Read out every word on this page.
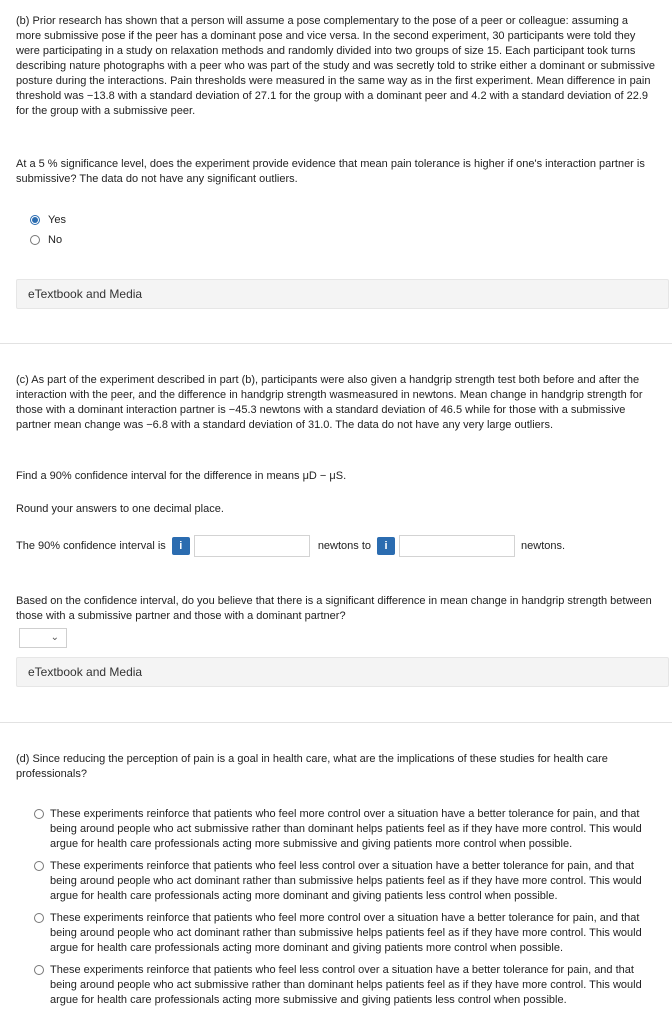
(b) Prior research has shown that a person will assume a pose complementary to the pose of a peer or colleague: assuming a more submissive pose if the peer has a dominant pose and vice versa. In the second experiment, 30 participants were told they were participating in a study on relaxation methods and randomly divided into two groups of size 15. Each participant took turns describing nature photographs with a peer who was part of the study and was secretly told to strike either a dominant or submissive posture during the interactions. Pain thresholds were measured in the same way as in the first experiment. Mean difference in pain threshold was −13.8 with a standard deviation of 27.1 for the group with a dominant peer and 4.2 with a standard deviation of 22.9 for the group with a submissive peer.

At a 5 % significance level, does the experiment provide evidence that mean pain tolerance is higher if one's interaction partner is submissive? The data do not have any significant outliers.

Yes
No
eTextbook and Media

(c) As part of the experiment described in part (b), participants were also given a handgrip strength test both before and after the interaction with the peer, and the difference in handgrip strength wasmeasured in newtons. Mean change in handgrip strength for those with a dominant interaction partner is −45.3 newtons with a standard deviation of 46.5 while for those with a submissive partner mean change was −6.8 with a standard deviation of 31.0. The data do not have any very large outliers.

Find a 90% confidence interval for the difference in means μD − μS.
Round your answers to one decimal place.
The 90% confidence interval is	i	newtons to	i	newtons.

Based on the confidence interval, do you believe that there is a significant difference in mean change in handgrip strength between those with a submissive partner and those with a dominant partner?

⌄
eTextbook and Media

(d) Since reducing the perception of pain is a goal in health care, what are the implications of these studies for health care professionals?

These experiments reinforce that patients who feel more control over a situation have a better tolerance for pain, and that being around people who act submissive rather than dominant helps patients feel as if they have more control. This would argue for health care professionals acting more submissive and giving patients more control when possible.
These experiments reinforce that patients who feel less control over a situation have a better tolerance for pain, and that being around people who act dominant rather than submissive helps patients feel as if they have more control. This would argue for health care professionals acting more dominant and giving patients less control when possible.
These experiments reinforce that patients who feel more control over a situation have a better tolerance for pain, and that being around people who act dominant rather than submissive helps patients feel as if they have more control. This would argue for health care professionals acting more dominant and giving patients more control when possible.
These experiments reinforce that patients who feel less control over a situation have a better tolerance for pain, and that being around people who act submissive rather than dominant helps patients feel as if they have more control. This would argue for health care professionals acting more submissive and giving patients less control when possible.
